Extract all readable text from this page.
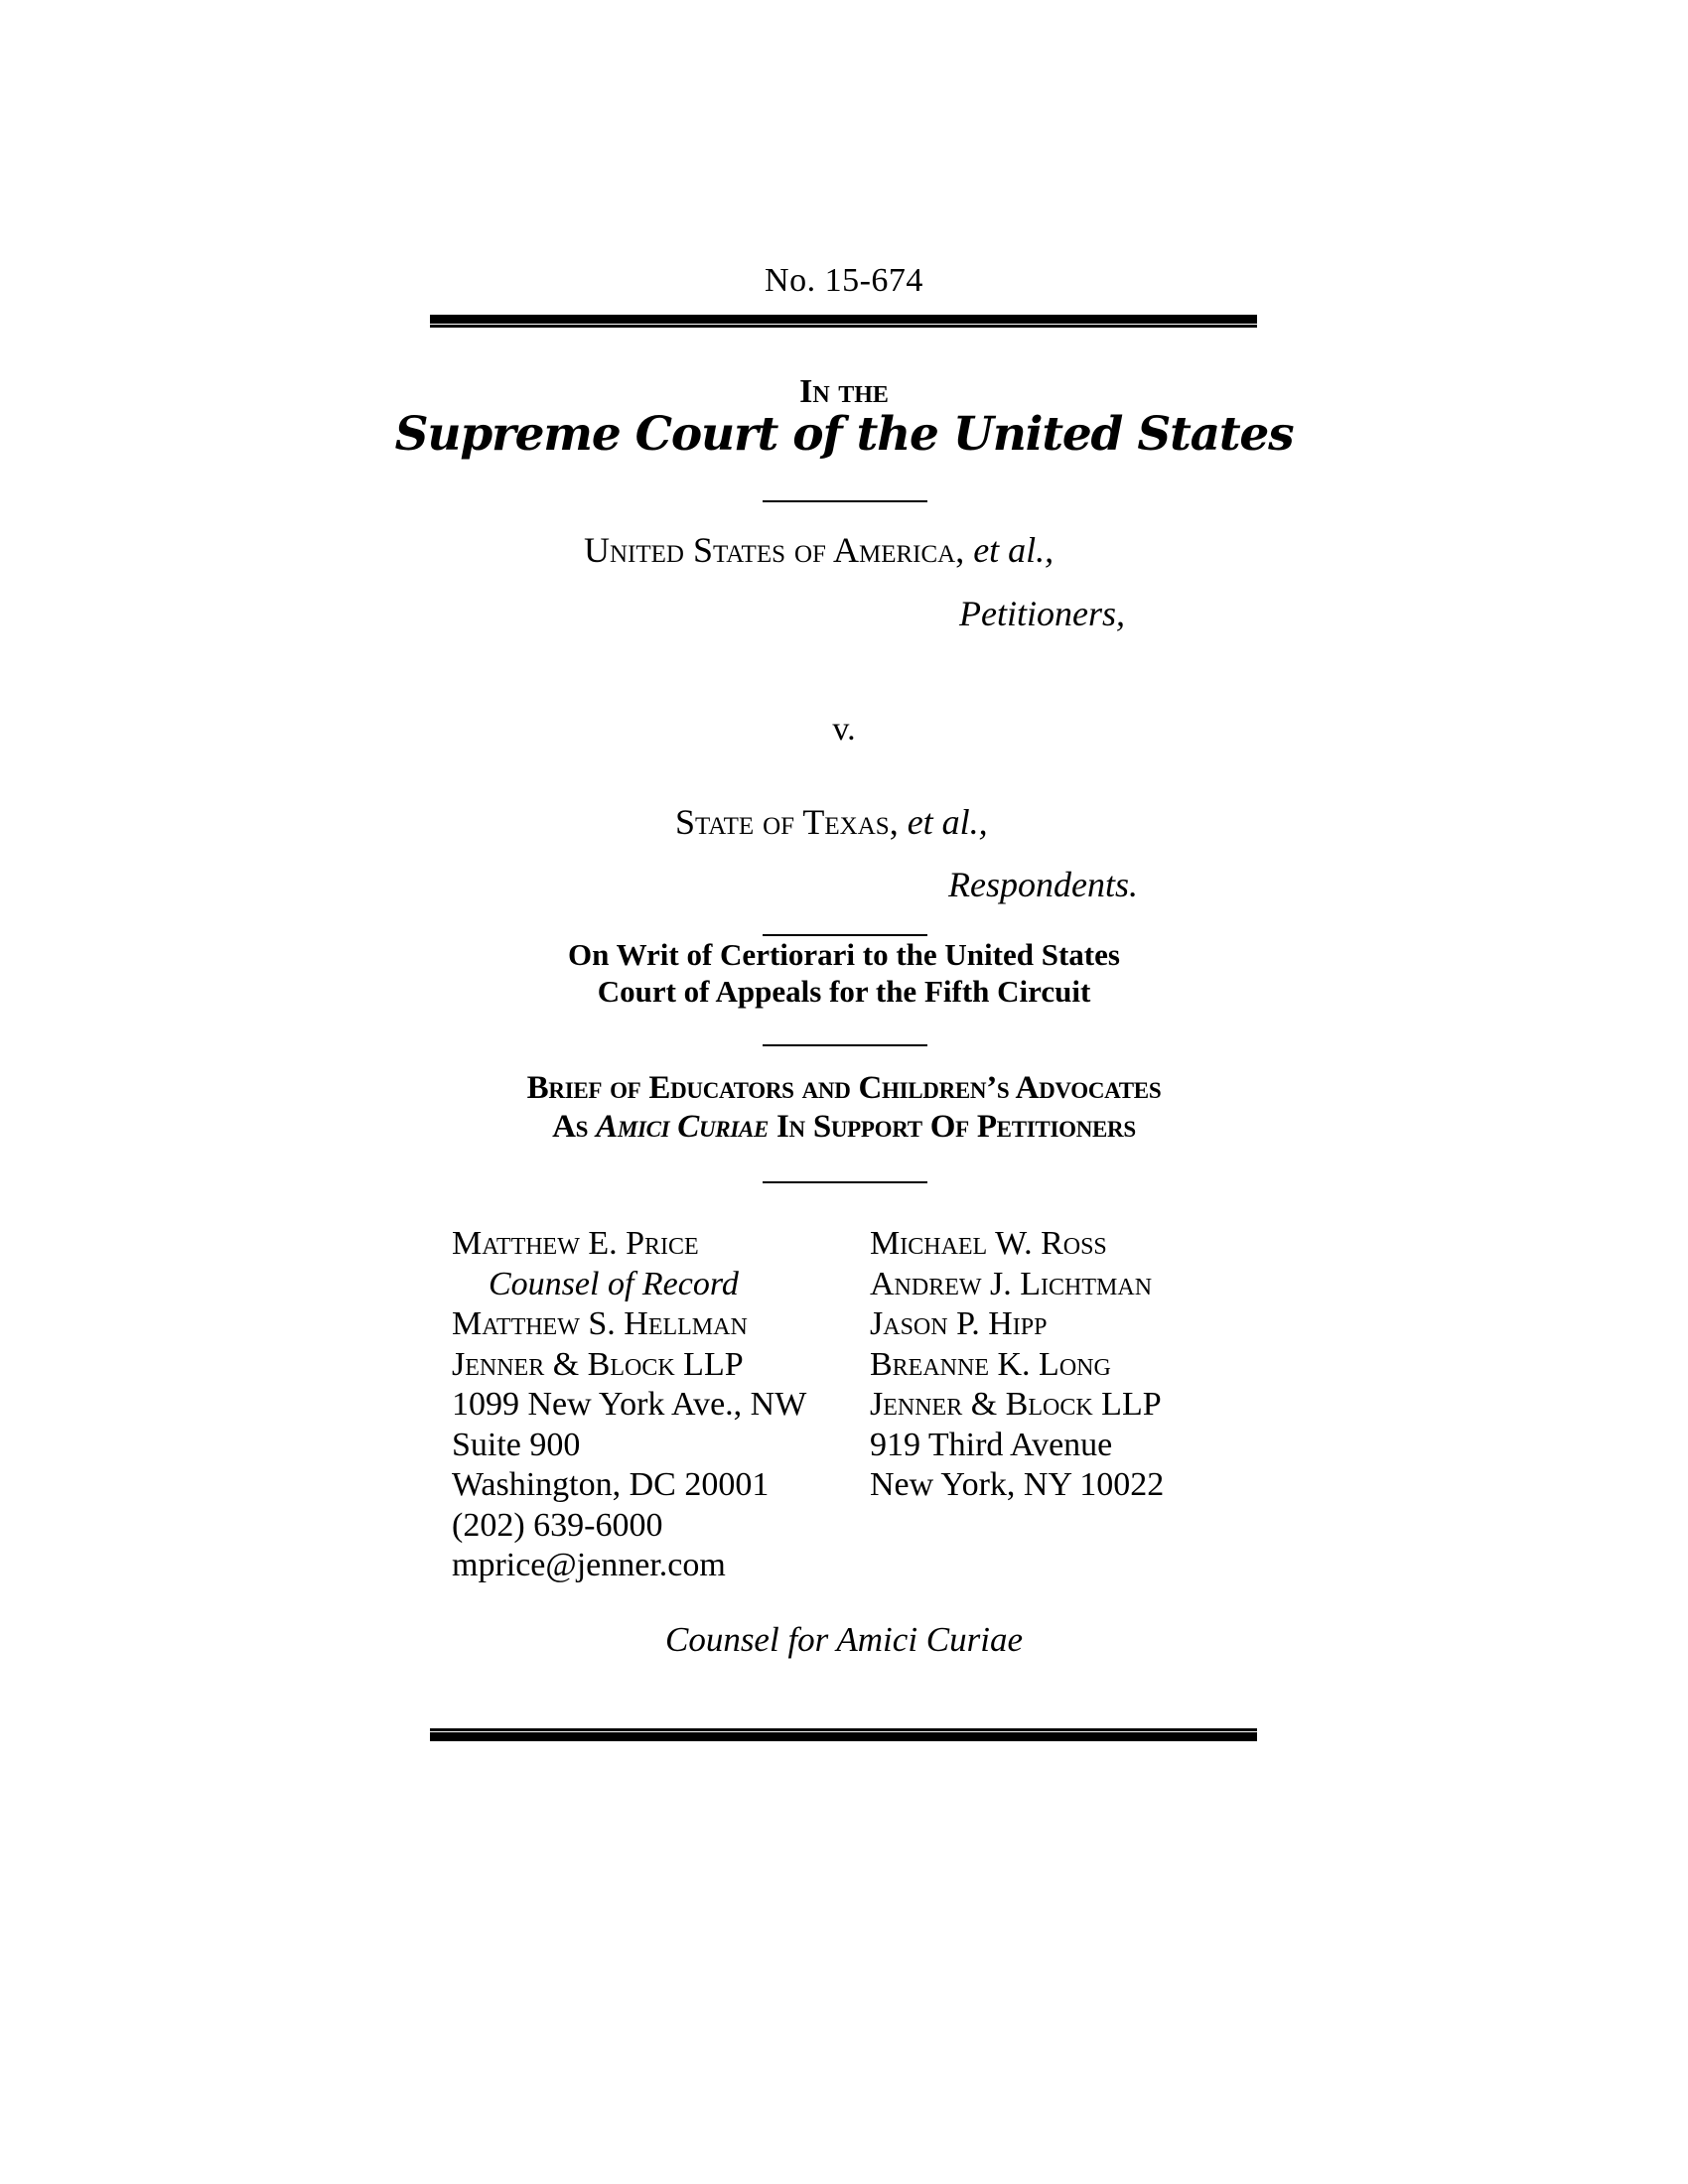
No. 15-674
In the
Supreme Court of the United States
United States of America, et al.,
Petitioners,
v.
State of Texas, et al.,
Respondents.
On Writ of Certiorari to the United States
Court of Appeals for the Fifth Circuit
Brief of Educators and Children’s Advocates
As Amici Curiae In Support Of Petitioners
Matthew E. Price
Counsel of Record
Matthew S. Hellman
Jenner & Block LLP
1099 New York Ave., NW
Suite 900
Washington, DC 20001
(202) 639-6000
mprice@jenner.com
Michael W. Ross
Andrew J. Lichtman
Jason P. Hipp
Breanne K. Long
Jenner & Block LLP
919 Third Avenue
New York, NY 10022
Counsel for Amici Curiae
